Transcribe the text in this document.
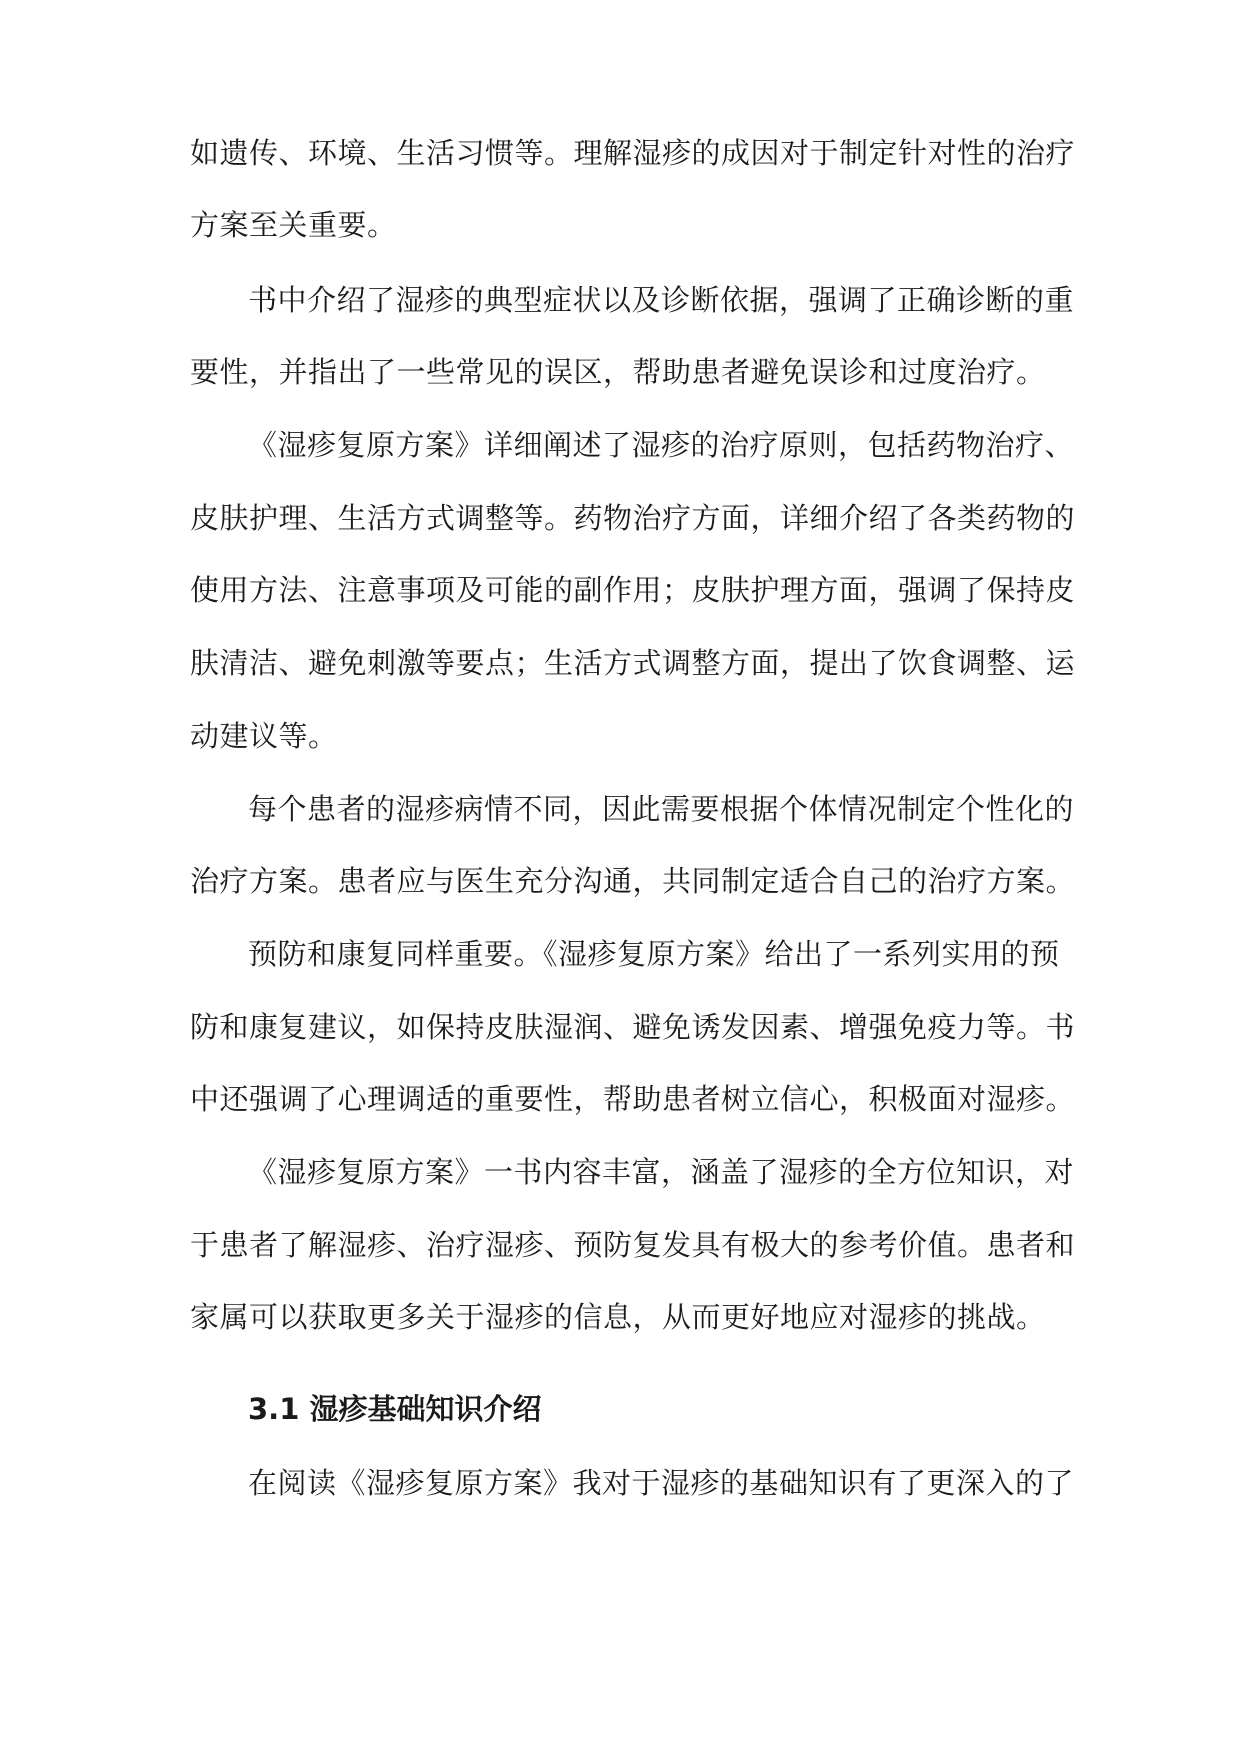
如遗传、环境、生活习惯等。理解湿疹的成因对于制定针对性的治疗

方案至关重要。

书中介绍了湿疹的典型症状以及诊断依据，强调了正确诊断的重

要性，并指出了一些常见的误区，帮助患者避免误诊和过度治疗。

《湿疹复原方案》详细阐述了湿疹的治疗原则，包括药物治疗、

皮肤护理、生活方式调整等。药物治疗方面，详细介绍了各类药物的

使用方法、注意事项及可能的副作用；皮肤护理方面，强调了保持皮

肤清洁、避免刺激等要点；生活方式调整方面，提出了饮食调整、运

动建议等。

每个患者的湿疹病情不同，因此需要根据个体情况制定个性化的

治疗方案。患者应与医生充分沟通，共同制定适合自己的治疗方案。

预防和康复同样重要。《湿疹复原方案》给出了一系列实用的预

防和康复建议，如保持皮肤湿润、避免诱发因素、增强免疫力等。书

中还强调了心理调适的重要性，帮助患者树立信心，积极面对湿疹。

《湿疹复原方案》一书内容丰富，涵盖了湿疹的全方位知识，对

于患者了解湿疹、治疗湿疹、预防复发具有极大的参考价值。患者和

家属可以获取更多关于湿疹的信息，从而更好地应对湿疹的挑战。

3.1 湿疹基础知识介绍

在阅读《湿疹复原方案》我对于湿疹的基础知识有了更深入的了
